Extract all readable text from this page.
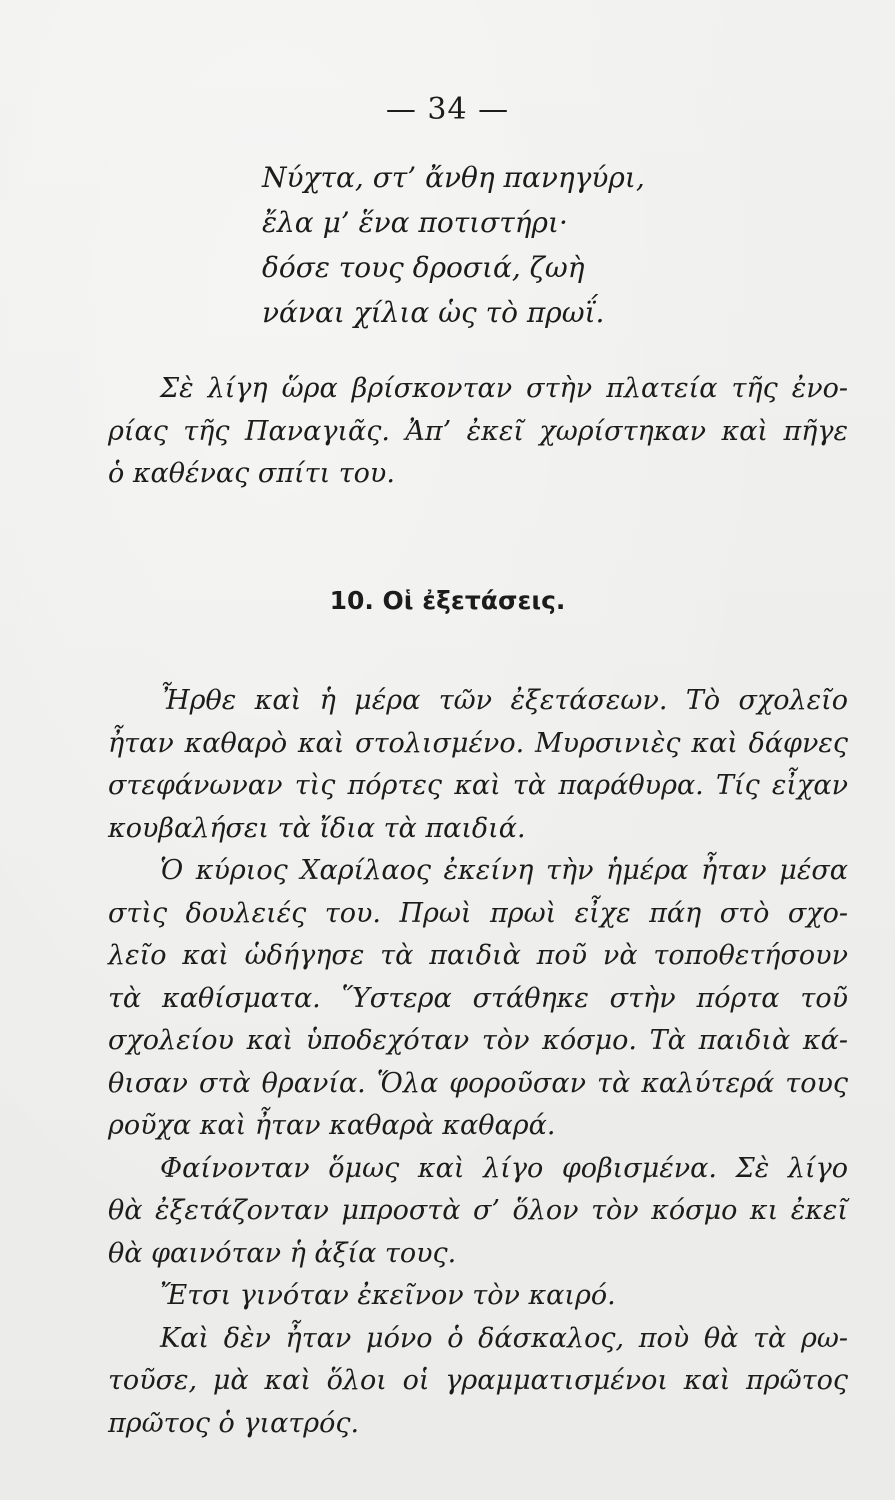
— 34 —
Νύχτα, στ’ ἄνθη πανηγύρι,
ἔλα μ’ ἕνα ποτιστήρι·
δόσε τους δροσιά, ζωὴ
νάναι χίλια ὡς τὸ πρωΐ.
Σὲ λίγη ὥρα βρίσκονταν στὴν πλατεία τῆς ἐνο-
ρίας τῆς Παναγιᾶς. Ἀπ’ ἐκεῖ χωρίστηκαν καὶ πῆγε
ὁ καθένας σπίτι του.
10. Οἱ ἐξετάσεις.
Ἦρθε καὶ ἡ μέρα τῶν ἐξετάσεων. Τὸ σχολεῖο
ἦταν καθαρὸ καὶ στολισμένο. Μυρσινιὲς καὶ δάφνες
στεφάνωναν τὶς πόρτες καὶ τὰ παράθυρα. Τίς εἶχαν
κουβαλήσει τὰ ἴδια τὰ παιδιά.
Ὁ κύριος Χαρίλαος ἐκείνη τὴν ἡμέρα ἦταν μέσα
στὶς δουλειές του. Πρωὶ πρωὶ εἶχε πάη στὸ σχο-
λεῖο καὶ ὡδήγησε τὰ παιδιὰ ποῦ νὰ τοποθετήσουν
τὰ καθίσματα. Ὕστερα στάθηκε στὴν πόρτα τοῦ
σχολείου καὶ ὑποδεχόταν τὸν κόσμο. Τὰ παιδιὰ κά-
θισαν στὰ θρανία. Ὅλα φοροῦσαν τὰ καλύτερά τους
ροῦχα καὶ ἦταν καθαρὰ καθαρά.
Φαίνονταν ὅμως καὶ λίγο φοβισμένα. Σὲ λίγο
θὰ ἐξετάζονταν μπροστὰ σ’ ὅλον τὸν κόσμο κι ἐκεῖ
θὰ φαινόταν ἡ ἀξία τους.
Ἔτσι γινόταν ἐκεῖνον τὸν καιρό.
Καὶ δὲν ἦταν μόνο ὁ δάσκαλος, ποὺ θὰ τὰ ρω-
τοῦσε, μὰ καὶ ὅλοι οἱ γραμματισμένοι καὶ πρῶτος
πρῶτος ὁ γιατρός.
